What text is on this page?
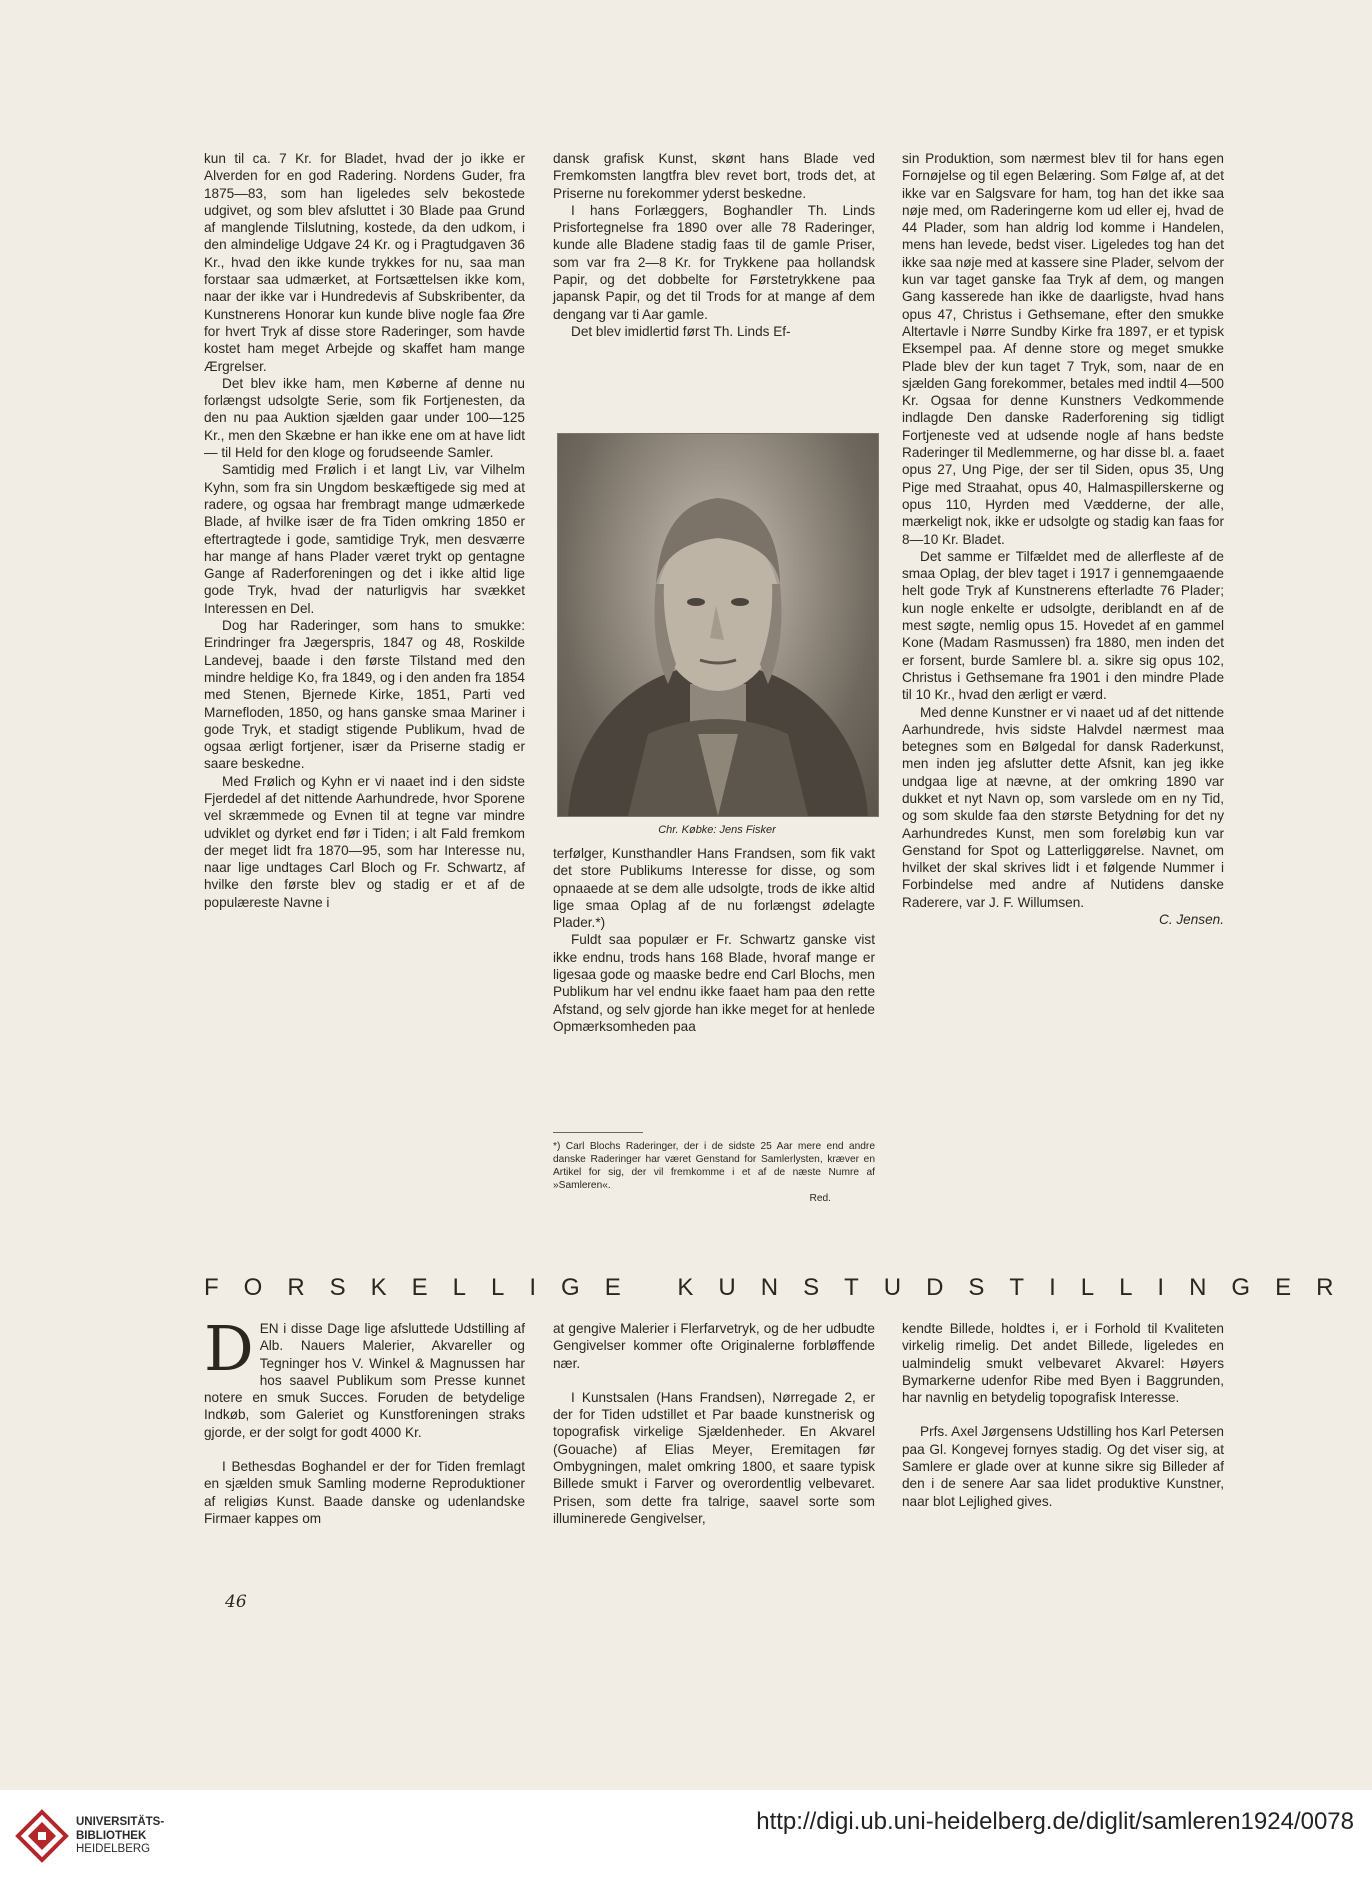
kun til ca. 7 Kr. for Bladet, hvad der jo ikke er Alverden for en god Radering. Nordens Guder, fra 1875—83, som han ligeledes selv bekostede udgivet, og som blev afsluttet i 30 Blade paa Grund af manglende Tilslutning, kostede, da den udkom, i den almindelige Udgave 24 Kr. og i Pragtudgaven 36 Kr., hvad den ikke kunde trykkes for nu, saa man forstaar saa udmærket, at Fortsættelsen ikke kom, naar der ikke var i Hundredevis af Subskribenter, da Kunstnerens Honorar kun kunde blive nogle faa Øre for hvert Tryk af disse store Raderinger, som havde kostet ham meget Arbejde og skaffet ham mange Ærgrelser.

Det blev ikke ham, men Køberne af denne nu forlængst udsolgte Serie, som fik Fortjenesten, da den nu paa Auktion sjælden gaar under 100—125 Kr., men den Skæbne er han ikke ene om at have lidt — til Held for den kloge og forudseende Samler.

Samtidig med Frølich i et langt Liv, var Vilhelm Kyhn, som fra sin Ungdom beskæftigede sig med at radere, og ogsaa har frembragt mange udmærkede Blade, af hvilke især de fra Tiden omkring 1850 er eftertragtede i gode, samtidige Tryk, men desværre har mange af hans Plader været trykt op gentagne Gange af Raderforeningen og det i ikke altid lige gode Tryk, hvad der naturligvis har svækket Interessen en Del.

Dog har Raderinger, som hans to smukke: Erindringer fra Jægerspris, 1847 og 48, Roskilde Landevej, baade i den første Tilstand med den mindre heldige Ko, fra 1849, og i den anden fra 1854 med Stenen, Bjernede Kirke, 1851, Parti ved Marnefloden, 1850, og hans ganske smaa Mariner i gode Tryk, et stadigt stigende Publikum, hvad de ogsaa ærligt fortjener, især da Priserne stadig er saare beskedne.

Med Frølich og Kyhn er vi naaet ind i den sidste Fjerdedel af det nittende Aarhundrede, hvor Sporene vel skræmmede og Evnen til at tegne var mindre udviklet og dyrket end før i Tiden; i alt Fald fremkom der meget lidt fra 1870—95, som har Interesse nu, naar lige undtages Carl Bloch og Fr. Schwartz, af hvilke den første blev og stadig er et af de populæreste Navne i

dansk grafisk Kunst, skønt hans Blade ved Fremkomsten langtfra blev revet bort, trods det, at Priserne nu forekommer yderst beskedne.

I hans Forlæggers, Boghandler Th. Linds Prisfortegnelse fra 1890 over alle 78 Raderinger, kunde alle Bladene stadig faas til de gamle Priser, som var fra 2—8 Kr. for Trykkene paa hollandsk Papir, og det dobbelte for Førstetrykkene paa japansk Papir, og det til Trods for at mange af dem dengang var ti Aar gamle.

Det blev imidlertid først Th. Linds Ef-

Chr. Købke: Jens Fisker

terfølger, Kunsthandler Hans Frandsen, som fik vakt det store Publikums Interesse for disse, og som opnaaede at se dem alle udsolgte, trods de ikke altid lige smaa Oplag af de nu forlængst ødelagte Plader.*)

Fuldt saa populær er Fr. Schwartz ganske vist ikke endnu, trods hans 168 Blade, hvoraf mange er ligesaa gode og maaske bedre end Carl Blochs, men Publikum har vel endnu ikke faaet ham paa den rette Afstand, og selv gjorde han ikke meget for at henlede Opmærksomheden paa

*) Carl Blochs Raderinger, der i de sidste 25 Aar mere end andre danske Raderinger har været Genstand for Samlerlysten, kræver en Artikel for sig, der vil fremkomme i et af de næste Numre af »Samleren«.
Red.

sin Produktion, som nærmest blev til for hans egen Fornøjelse og til egen Belæring. Som Følge af, at det ikke var en Salgsvare for ham, tog han det ikke saa nøje med, om Raderingerne kom ud eller ej, hvad de 44 Plader, som han aldrig lod komme i Handelen, mens han levede, bedst viser. Ligeledes tog han det ikke saa nøje med at kassere sine Plader, selvom der kun var taget ganske faa Tryk af dem, og mangen Gang kasserede han ikke de daarligste, hvad hans opus 47, Christus i Gethsemane, efter den smukke Altertavle i Nørre Sundby Kirke fra 1897, er et typisk Eksempel paa. Af denne store og meget smukke Plade blev der kun taget 7 Tryk, som, naar de en sjælden Gang forekommer, betales med indtil 4—500 Kr. Ogsaa for denne Kunstners Vedkommende indlagde Den danske Raderforening sig tidligt Fortjeneste ved at udsende nogle af hans bedste Raderinger til Medlemmerne, og har disse bl. a. faaet opus 27, Ung Pige, der ser til Siden, opus 35, Ung Pige med Straahat, opus 40, Halmaspillerskerne og opus 110, Hyrden med Vædderne, der alle, mærkeligt nok, ikke er udsolgte og stadig kan faas for 8—10 Kr. Bladet.

Det samme er Tilfældet med de allerfleste af de smaa Oplag, der blev taget i 1917 i gennemgaaende helt gode Tryk af Kunstnerens efterladte 76 Plader; kun nogle enkelte er udsolgte, deriblandt en af de mest søgte, nemlig opus 15. Hovedet af en gammel Kone (Madam Rasmussen) fra 1880, men inden det er forsent, burde Samlere bl. a. sikre sig opus 102, Christus i Gethsemane fra 1901 i den mindre Plade til 10 Kr., hvad den ærligt er værd.

Med denne Kunstner er vi naaet ud af det nittende Aarhundrede, hvis sidste Halvdel nærmest maa betegnes som en Bølgedal for dansk Raderkunst, men inden jeg afslutter dette Afsnit, kan jeg ikke undgaa lige at nævne, at der omkring 1890 var dukket et nyt Navn op, som varslede om en ny Tid, og som skulde faa den største Betydning for det ny Aarhundredes Kunst, men som foreløbig kun var Genstand for Spot og Latterliggørelse. Navnet, om hvilket der skal skrives lidt i et følgende Nummer i Forbindelse med andre af Nutidens danske Raderere, var J. F. Willumsen.

C. Jensen.

FORSKELLIGE KUNSTUDSTILLINGER

DEN i disse Dage lige afsluttede Udstilling af Alb. Nauers Malerier, Akvareller og Tegninger hos V. Winkel & Magnussen har hos saavel Publikum som Presse kunnet notere en smuk Succes. Foruden de betydelige Indkøb, som Galeriet og Kunstforeningen straks gjorde, er der solgt for godt 4000 Kr.

I Bethesdas Boghandel er der for Tiden fremlagt en sjælden smuk Samling moderne Reproduktioner af religiøs Kunst. Baade danske og udenlandske Firmaer kappes om

at gengive Malerier i Flerfarvetryk, og de her udbudte Gengivelser kommer ofte Originalerne forbløffende nær.

I Kunstsalen (Hans Frandsen), Nørregade 2, er der for Tiden udstillet et Par baade kunstnerisk og topografisk virkelige Sjældenheder. En Akvarel (Gouache) af Elias Meyer, Eremitagen før Ombygningen, malet omkring 1800, et saare typisk Billede smukt i Farver og overordentlig velbevaret. Prisen, som dette fra talrige, saavel sorte som illuminerede Gengivelser,

kendte Billede, holdtes i, er i Forhold til Kvaliteten virkelig rimelig. Det andet Billede, ligeledes en ualmindelig smukt velbevaret Akvarel: Høyers Bymarkerne udenfor Ribe med Byen i Baggrunden, har navnlig en betydelig topografisk Interesse.

Prfs. Axel Jørgensens Udstilling hos Karl Petersen paa Gl. Kongevej fornyes stadig. Og det viser sig, at Samlere er glade over at kunne sikre sig Billeder af den i de senere Aar saa lidet produktive Kunstner, naar blot Lejlighed gives.

46
UNIVERSITÄTS-
BIBLIOTHEK
HEIDELBERG
http://digi.ub.uni-heidelberg.de/diglit/samleren1924/0078
